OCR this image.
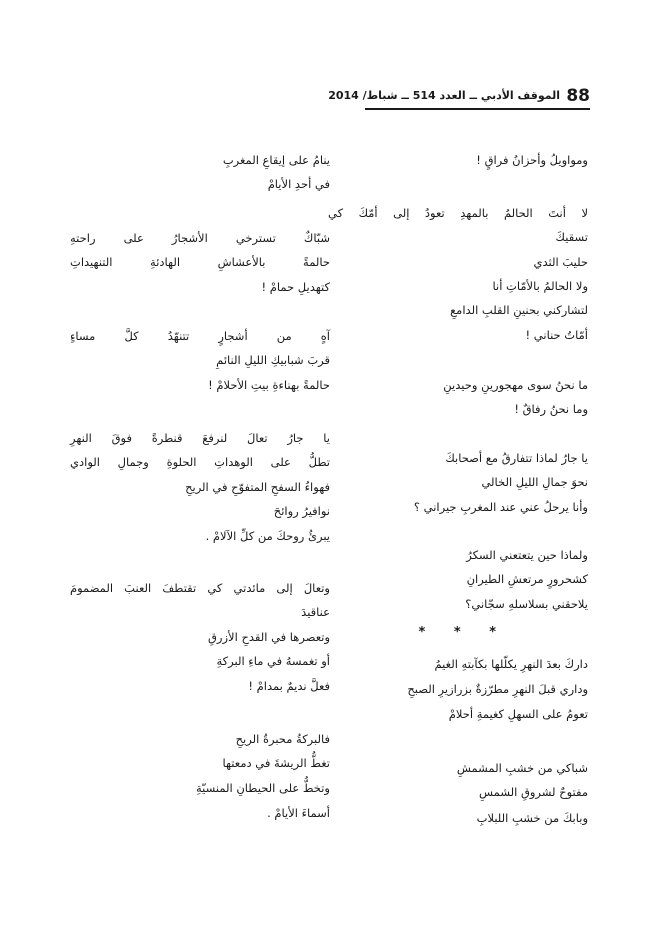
88
الموقف الأدبي ــ العدد 514 ــ شباط/ 2014
ومواويلُ وأحزانُ فراقٍ !
لا أنتَ الحالمُ بالمهدِ تعودُ إلى أمّكَ كي
تسقيكَ
حليبَ الثدي
ولا الحالمُ بالأمّاتِ أنا
لتشاركني بحنينِ القلبِ الدامعِ
أمّاتُ حناني !
ما نحنُ سوى مهجورينِ وحيدينِ
وما نحنُ رفاقٌ !
يا جارُ لماذا تتفارقُ مع أصحابكَ
نحوَ جمالِ الليلِ الخالي
وأنا يرحلُ عني عند المغربِ جيراني ؟
ولماذا حين يتعتعني السكرُ
كشحرورٍ مرتعشِ الطيرانِ
يلاحقني بسلاسلهِ سجّاني؟
داركَ بعدَ النهرِ يكلّلها بكآبتهِ الغيمُ
وداري قبلَ النهرِ مطرّزةٌ بزرازيرِ الصبحِ
تعومُ على السهلِ كغيمةِ أحلامْ
شباكي من خشبِ المشمشِ
مفتوحٌ لشروقِ الشمسِ
وبابكَ من خشبِ اللبلابِ
* * *
ينامُ على إيقاعِ المغربِ
في أحدِ الأيامْ
شبّاكٌ تسترخي الأشجارُ على راحتهِ
حالمةً بالأعشاشِ الهادئةِ التنهيداتِ
كتهديلِ حمامْ !
آهٍ من أشجارٍ تتنهّدُ كلَّ مساءٍ
قربَ شبابيكِ الليلِ النائمِ
حالمةً بهناءةِ بيتِ الأحلامْ !
يا جارُ تعالَ لنرفعَ قنطرةً فوقَ النهرِ
تطلُّ على الوهداتِ الحلوةِ وجمالِ الوادي
فهواءُ السفحِ المتفوّحِ في الريحِ
نوافيرُ روائحَ
يبرئُ روحكَ من كلِّ الآلامْ .
وتعالَ إلى مائدتي كي تقتطفَ العنبَ المضمومَ
عناقيدَ
وتعصرها في القدحِ الأزرقِ
أو تغمسهُ في ماءِ البركةِ
فعلَّ نديمٌ بمدامْ !
فالبركةُ محبرةُ الريحِ
تغطُّ الريشةَ في دمعتها
وتخطُّ على الحيطانِ المنسيّةِ
أسماءَ الأيامْ .
